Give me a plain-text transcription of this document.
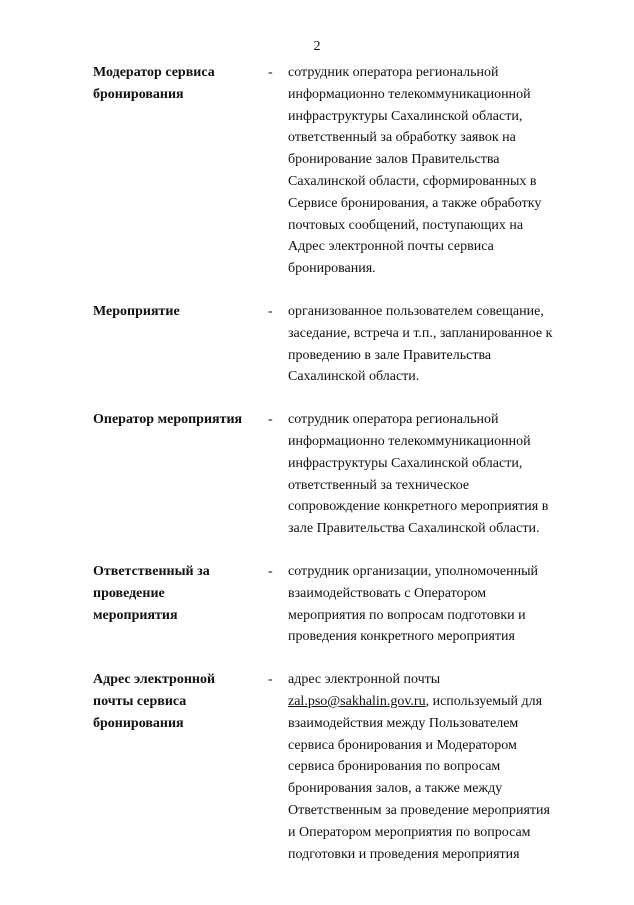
2
Модератор сервиса
бронирования
-	сотрудник оператора региональной
информационно телекоммуникационной
инфраструктуры Сахалинской области,
ответственный за обработку заявок на
бронирование залов Правительства
Сахалинской области, сформированных в
Сервисе бронирования, а также обработку
почтовых сообщений, поступающих на
Адрес электронной почты сервиса
бронирования.
Мероприятие	-	организованное пользователем совещание,
заседание, встреча и т.п., запланированное к
проведению в зале Правительства
Сахалинской области.
Оператор мероприятия	-	сотрудник оператора региональной
информационно телекоммуникационной
инфраструктуры Сахалинской области,
ответственный за техническое
сопровождение конкретного мероприятия в
зале Правительства Сахалинской области.
Ответственный за
проведение
мероприятия
-	сотрудник организации, уполномоченный
взаимодействовать с Оператором
мероприятия по вопросам подготовки и
проведения конкретного мероприятия
Адрес электронной
почты сервиса
бронирования
-	адрес электронной почты
zal.pso@sakhalin.gov.ru, используемый для
взаимодействия между Пользователем
сервиса бронирования и Модератором
сервиса бронирования по вопросам
бронирования залов, а также между
Ответственным за проведение мероприятия
и Оператором мероприятия по вопросам
подготовки и проведения мероприятия
